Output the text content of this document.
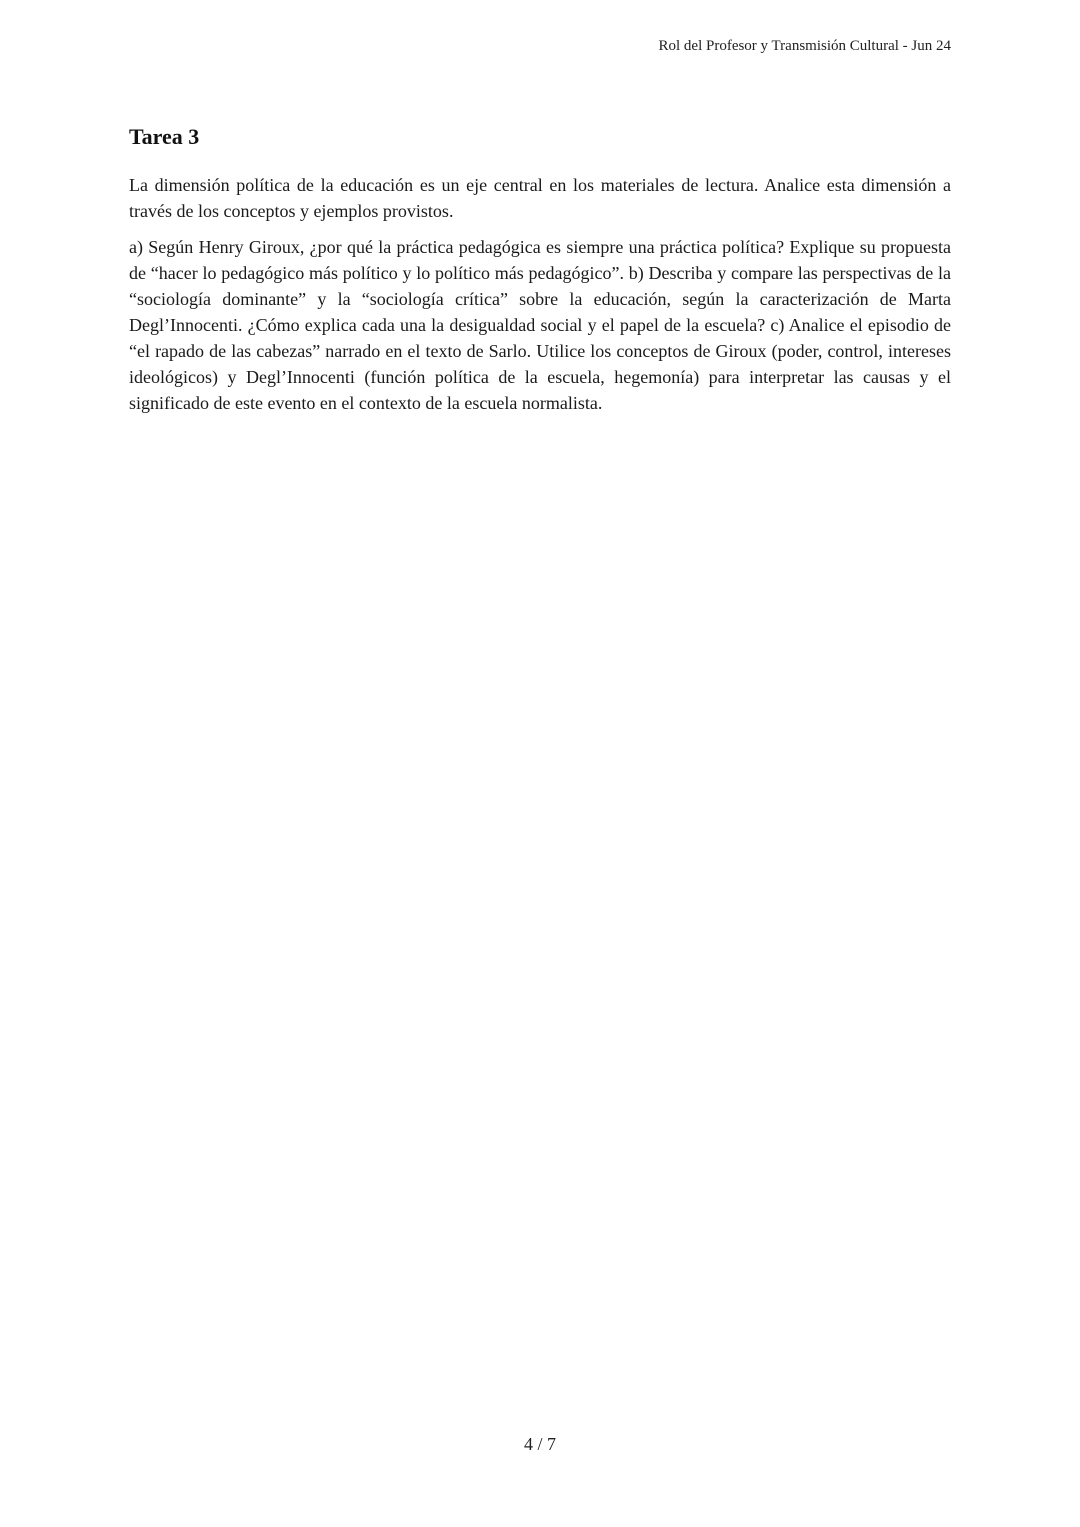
Rol del Profesor y Transmisión Cultural - Jun 24
Tarea 3

La dimensión política de la educación es un eje central en los materiales de lectura. Analice esta dimensión a través de los conceptos y ejemplos provistos.

a) Según Henry Giroux, ¿por qué la práctica pedagógica es siempre una práctica política? Explique su propuesta de “hacer lo pedagógico más político y lo político más pedagógico”. b) Describa y compare las perspectivas de la “sociología dominante” y la “sociología crítica” sobre la educación, según la caracterización de Marta Degl’Innocenti. ¿Cómo explica cada una la desigualdad social y el papel de la escuela? c) Analice el episodio de “el rapado de las cabezas” narrado en el texto de Sarlo. Utilice los conceptos de Giroux (poder, control, intereses ideológicos) y Degl’Innocenti (función política de la escuela, hegemonía) para interpretar las causas y el significado de este evento en el contexto de la escuela normalista.

4 / 7
